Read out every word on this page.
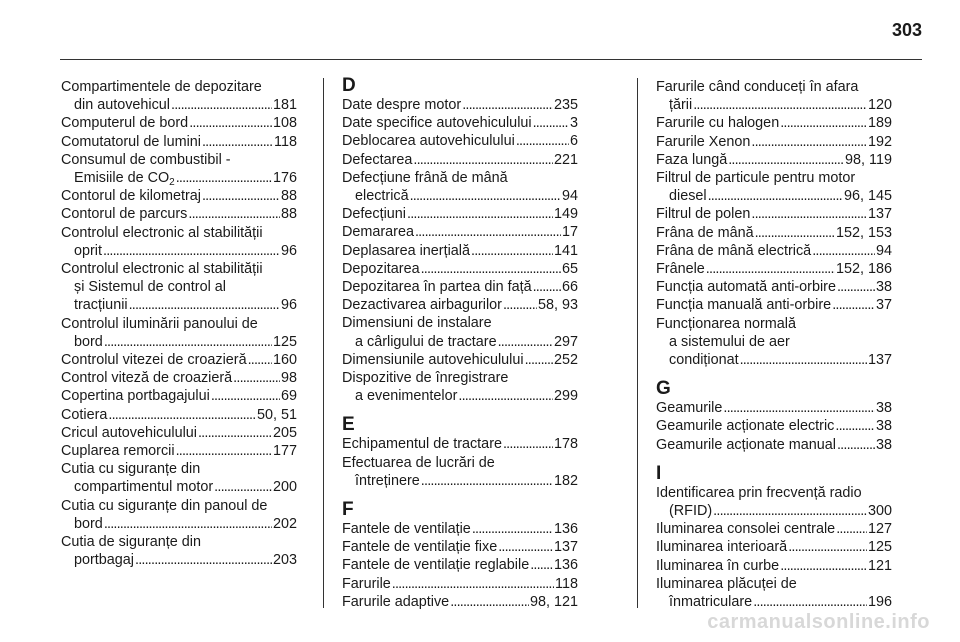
303
Compartimentele de depozitare
din autovehicul . . .	181
Computerul de bord . . .	108
Comutatorul de lumini . . .	118
Consumul de combustibil -
Emisiile de $CO_2$ . . .	176
Contorul de kilometraj . . .	88
Contorul de parcurs . . .	88
Controlul electronic al stabilității
oprit . . .	96
Controlul electronic al stabilității
și Sistemul de control al
tracțiunii . . .	96
Controlul iluminării panoului de
bord . . .	125
Controlul vitezei de croazieră . . . 160
Control viteză de croazieră . . .	98
Copertina portbagajului . . .	69
Cotiera . . .	50, 51
Cricul autovehiculului . . .	205
Cuplarea remorcii . . .	177
Cutia cu siguranțe din
compartimentul motor . . .	200
Cutia cu siguranțe din panoul de
bord . . .	202
Cutia de siguranțe din
portbagaj . . .	203
D
Date despre motor . . .	235
Date specifice autovehiculului . . .	3
Deblocarea autovehiculului . . .	6
Defectarea . . .	221
Defecțiune frână de mână
electrică . . .	94
Defecțiuni . . .	149
Demararea . . .	17
Deplasarea inerțială . . .	141
Depozitarea . . .	65
Depozitarea în partea din față . . . 66
Dezactivarea airbagurilor . . .	58, 93
Dimensiuni de instalare
a cârligului de tractare . . .	297
Dimensiunile autovehiculului . . . 252
Dispozitive de înregistrare
a evenimentelor . . .	299
E
Echipamentul de tractare . . .	178
Efectuarea de lucrări de
întreținere . . .	182
F
Fantele de ventilație . . .	136
Fantele de ventilație fixe . . .	137
Fantele de ventilație reglabile . . . 136
Farurile . . .	118
Farurile adaptive . . .	98, 121
Farurile când conduceți în afara
țării . . .	120
Farurile cu halogen . . .	189
Farurile Xenon . . .	192
Faza lungă . . .	98, 119
Filtrul de particule pentru motor
diesel . . .	96, 145
Filtrul de polen . . .	137
Frâna de mână . . .	152, 153
Frâna de mână electrică . . .	94
Frânele . . .	152, 186
Funcția automată anti-orbire . . .	38
Funcția manuală anti-orbire . . .	37
Funcționarea normală
a sistemului de aer
condiționat . . .	137
G
Geamurile . . .	38
Geamurile acționate electric . . .	38
Geamurile acționate manual . . .	38
I
Identificarea prin frecvență radio
(RFID) . . .	300
Iluminarea consolei centrale . . . 127
Iluminarea interioară . . .	125
Iluminarea în curbe . . .	121
Iluminarea plăcuței de
înmatriculare . . .	196
carmanualsonline.info
